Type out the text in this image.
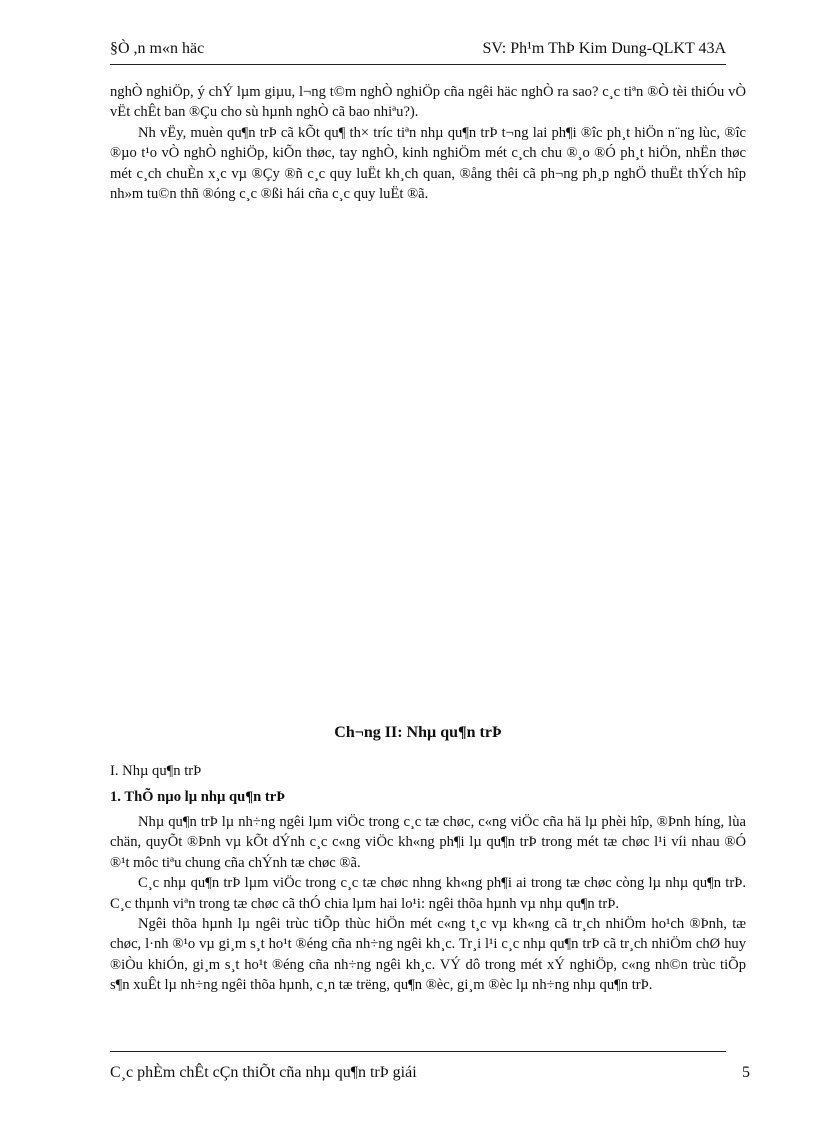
§Ò ,n m«n häc	SV: Ph¹m ThÞ Kim Dung-QLKT 43A

nghÒ nghiÖp, ý chÝ lµm giµu, l¬ng t©m nghÒ nghiÖp cña ngêi häc nghÒ ra sao? c¸c tiªn ®Ò tèi thiÓu vÒ vËt chÊt ban ®Çu cho sù hµnh nghÒ cã bao nhiªu?).

Nh vËy, muèn qu¶n trÞ cã kÕt qu¶ th× tríc tiªn nhµ qu¶n trÞ t¬ng lai ph¶i ®îc ph¸t hiÖn n¨ng lùc, ®îc ®µo t¹o vÒ nghÒ nghiÖp, kiÕn thøc, tay nghÒ, kinh nghiÖm mét c¸ch chu ®¸o ®Ó ph¸t hiÖn, nhËn thøc mét c¸ch chuÈn x¸c vµ ®Çy ®ñ c¸c quy luËt kh¸ch quan, ®ång thêi cã ph¬ng ph¸p nghÖ thuËt thÝch hîp nh»m tu©n thñ ®óng c¸c ®ßi hái cña c¸c quy luËt ®ã.

Ch¬ng II: Nhµ qu¶n trÞ
I. Nhµ qu¶n trÞ
1. ThÕ nµo lµ nhµ qu¶n trÞ

Nhµ qu¶n trÞ lµ nh÷ng ngêi lµm viÖc trong c¸c tæ chøc, c«ng viÖc cña hä lµ phèi hîp, ®Þnh híng, lùa chän, quyÕt ®Þnh vµ kÕt dÝnh c¸c c«ng viÖc kh«ng ph¶i lµ qu¶n trÞ trong mét tæ chøc l¹i víi nhau ®Ó ®¹t môc tiªu chung cña chÝnh tæ chøc ®ã.

C¸c nhµ qu¶n trÞ lµm viÖc trong c¸c tæ chøc nhng kh«ng ph¶i ai trong tæ chøc còng lµ nhµ qu¶n trÞ. C¸c thµnh viªn trong tæ chøc cã thÓ chia lµm hai lo¹i: ngêi thõa hµnh vµ nhµ qu¶n trÞ.

Ngêi thõa hµnh lµ ngêi trùc tiÕp thùc hiÖn mét c«ng t¸c vµ kh«ng cã tr¸ch nhiÖm ho¹ch ®Þnh, tæ chøc, l·nh ®¹o vµ gi¸m s¸t ho¹t ®éng cña nh÷ng ngêi kh¸c. Tr¸i l¹i c¸c nhµ qu¶n trÞ cã tr¸ch nhiÖm chØ huy ®iÒu khiÓn, gi¸m s¸t ho¹t ®éng cña nh÷ng ngêi kh¸c. VÝ dô trong mét xÝ nghiÖp, c«ng nh©n trùc tiÕp s¶n xuÊt lµ nh÷ng ngêi thõa hµnh, c¸n tæ trëng, qu¶n ®èc, gi¸m ®èc lµ nh÷ng nhµ qu¶n trÞ.

C¸c phÈm chÊt cÇn thiÕt cña nhµ qu¶n trÞ giái	5
